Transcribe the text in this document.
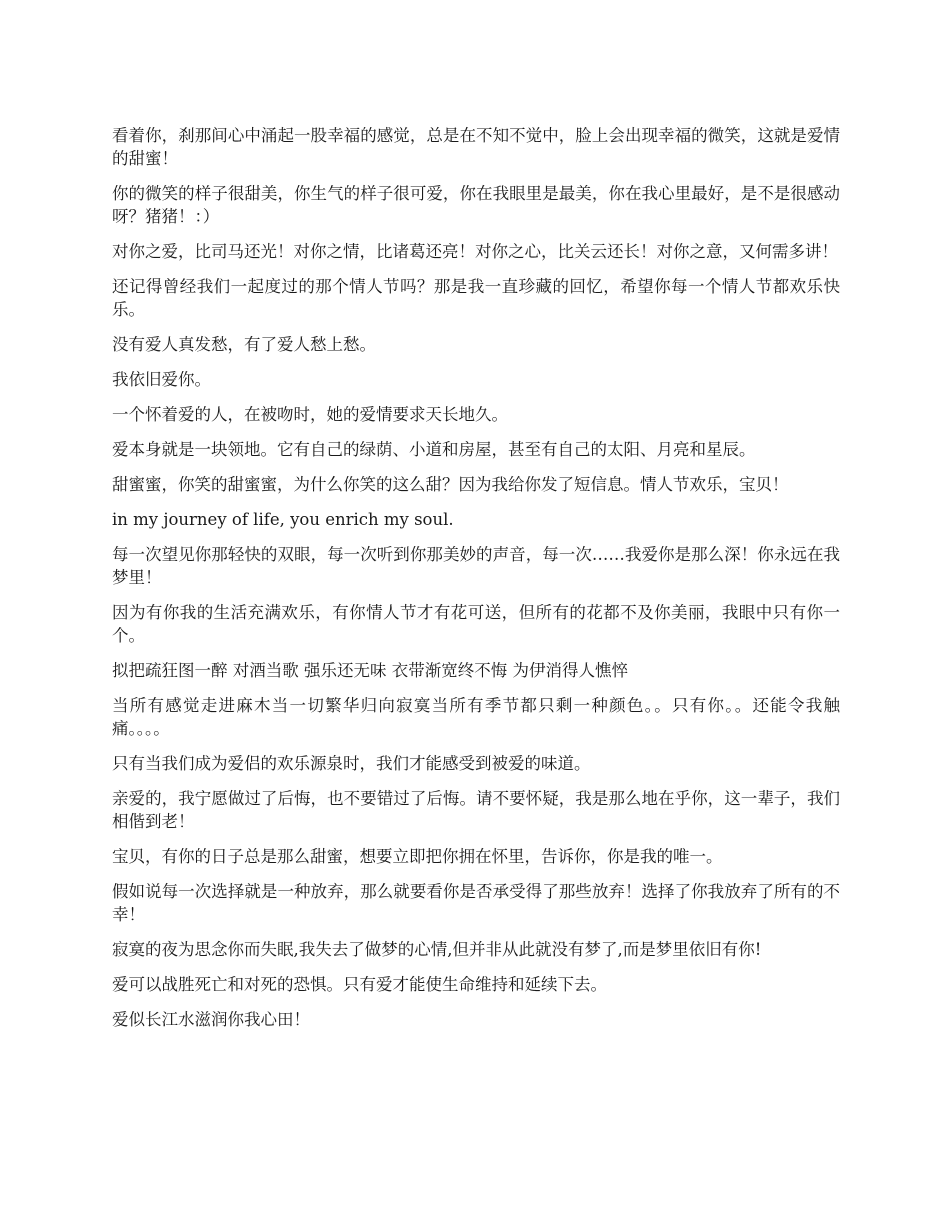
看着你，刹那间心中涌起一股幸福的感觉，总是在不知不觉中，脸上会出现幸福的微笑，这就是爱情的甜蜜！

你的微笑的样子很甜美，你生气的样子很可爱，你在我眼里是最美，你在我心里最好，是不是很感动呀？猪猪！：）

对你之爱，比司马还光！对你之情，比诸葛还亮！对你之心，比关云还长！对你之意，又何需多讲！

还记得曾经我们一起度过的那个情人节吗？那是我一直珍藏的回忆，希望你每一个情人节都欢乐快乐。

没有爱人真发愁，有了爱人愁上愁。

我依旧爱你。

一个怀着爱的人，在被吻时，她的爱情要求天长地久。

爱本身就是一块领地。它有自己的绿荫、小道和房屋，甚至有自己的太阳、月亮和星辰。

甜蜜蜜，你笑的甜蜜蜜，为什么你笑的这么甜？因为我给你发了短信息。情人节欢乐，宝贝！

in my journey of life, you enrich my soul.

每一次望见你那轻快的双眼，每一次听到你那美妙的声音，每一次……我爱你是那么深！你永远在我梦里！

因为有你我的生活充满欢乐，有你情人节才有花可送，但所有的花都不及你美丽，我眼中只有你一个。

拟把疏狂图一醉 对酒当歌 强乐还无味 衣带渐宽终不悔 为伊消得人憔悴

当所有感觉走进麻木当一切繁华归向寂寞当所有季节都只剩一种颜色。。只有你。。还能令我触痛。。。。

只有当我们成为爱侣的欢乐源泉时，我们才能感受到被爱的味道。

亲爱的，我宁愿做过了后悔，也不要错过了后悔。请不要怀疑，我是那么地在乎你，这一辈子，我们相偕到老！

宝贝，有你的日子总是那么甜蜜，想要立即把你拥在怀里，告诉你，你是我的唯一。

假如说每一次选择就是一种放弃，那么就要看你是否承受得了那些放弃！选择了你我放弃了所有的不幸！

寂寞的夜为思念你而失眠,我失去了做梦的心情,但并非从此就没有梦了,而是梦里依旧有你!

爱可以战胜死亡和对死的恐惧。只有爱才能使生命维持和延续下去。

爱似长江水滋润你我心田！
